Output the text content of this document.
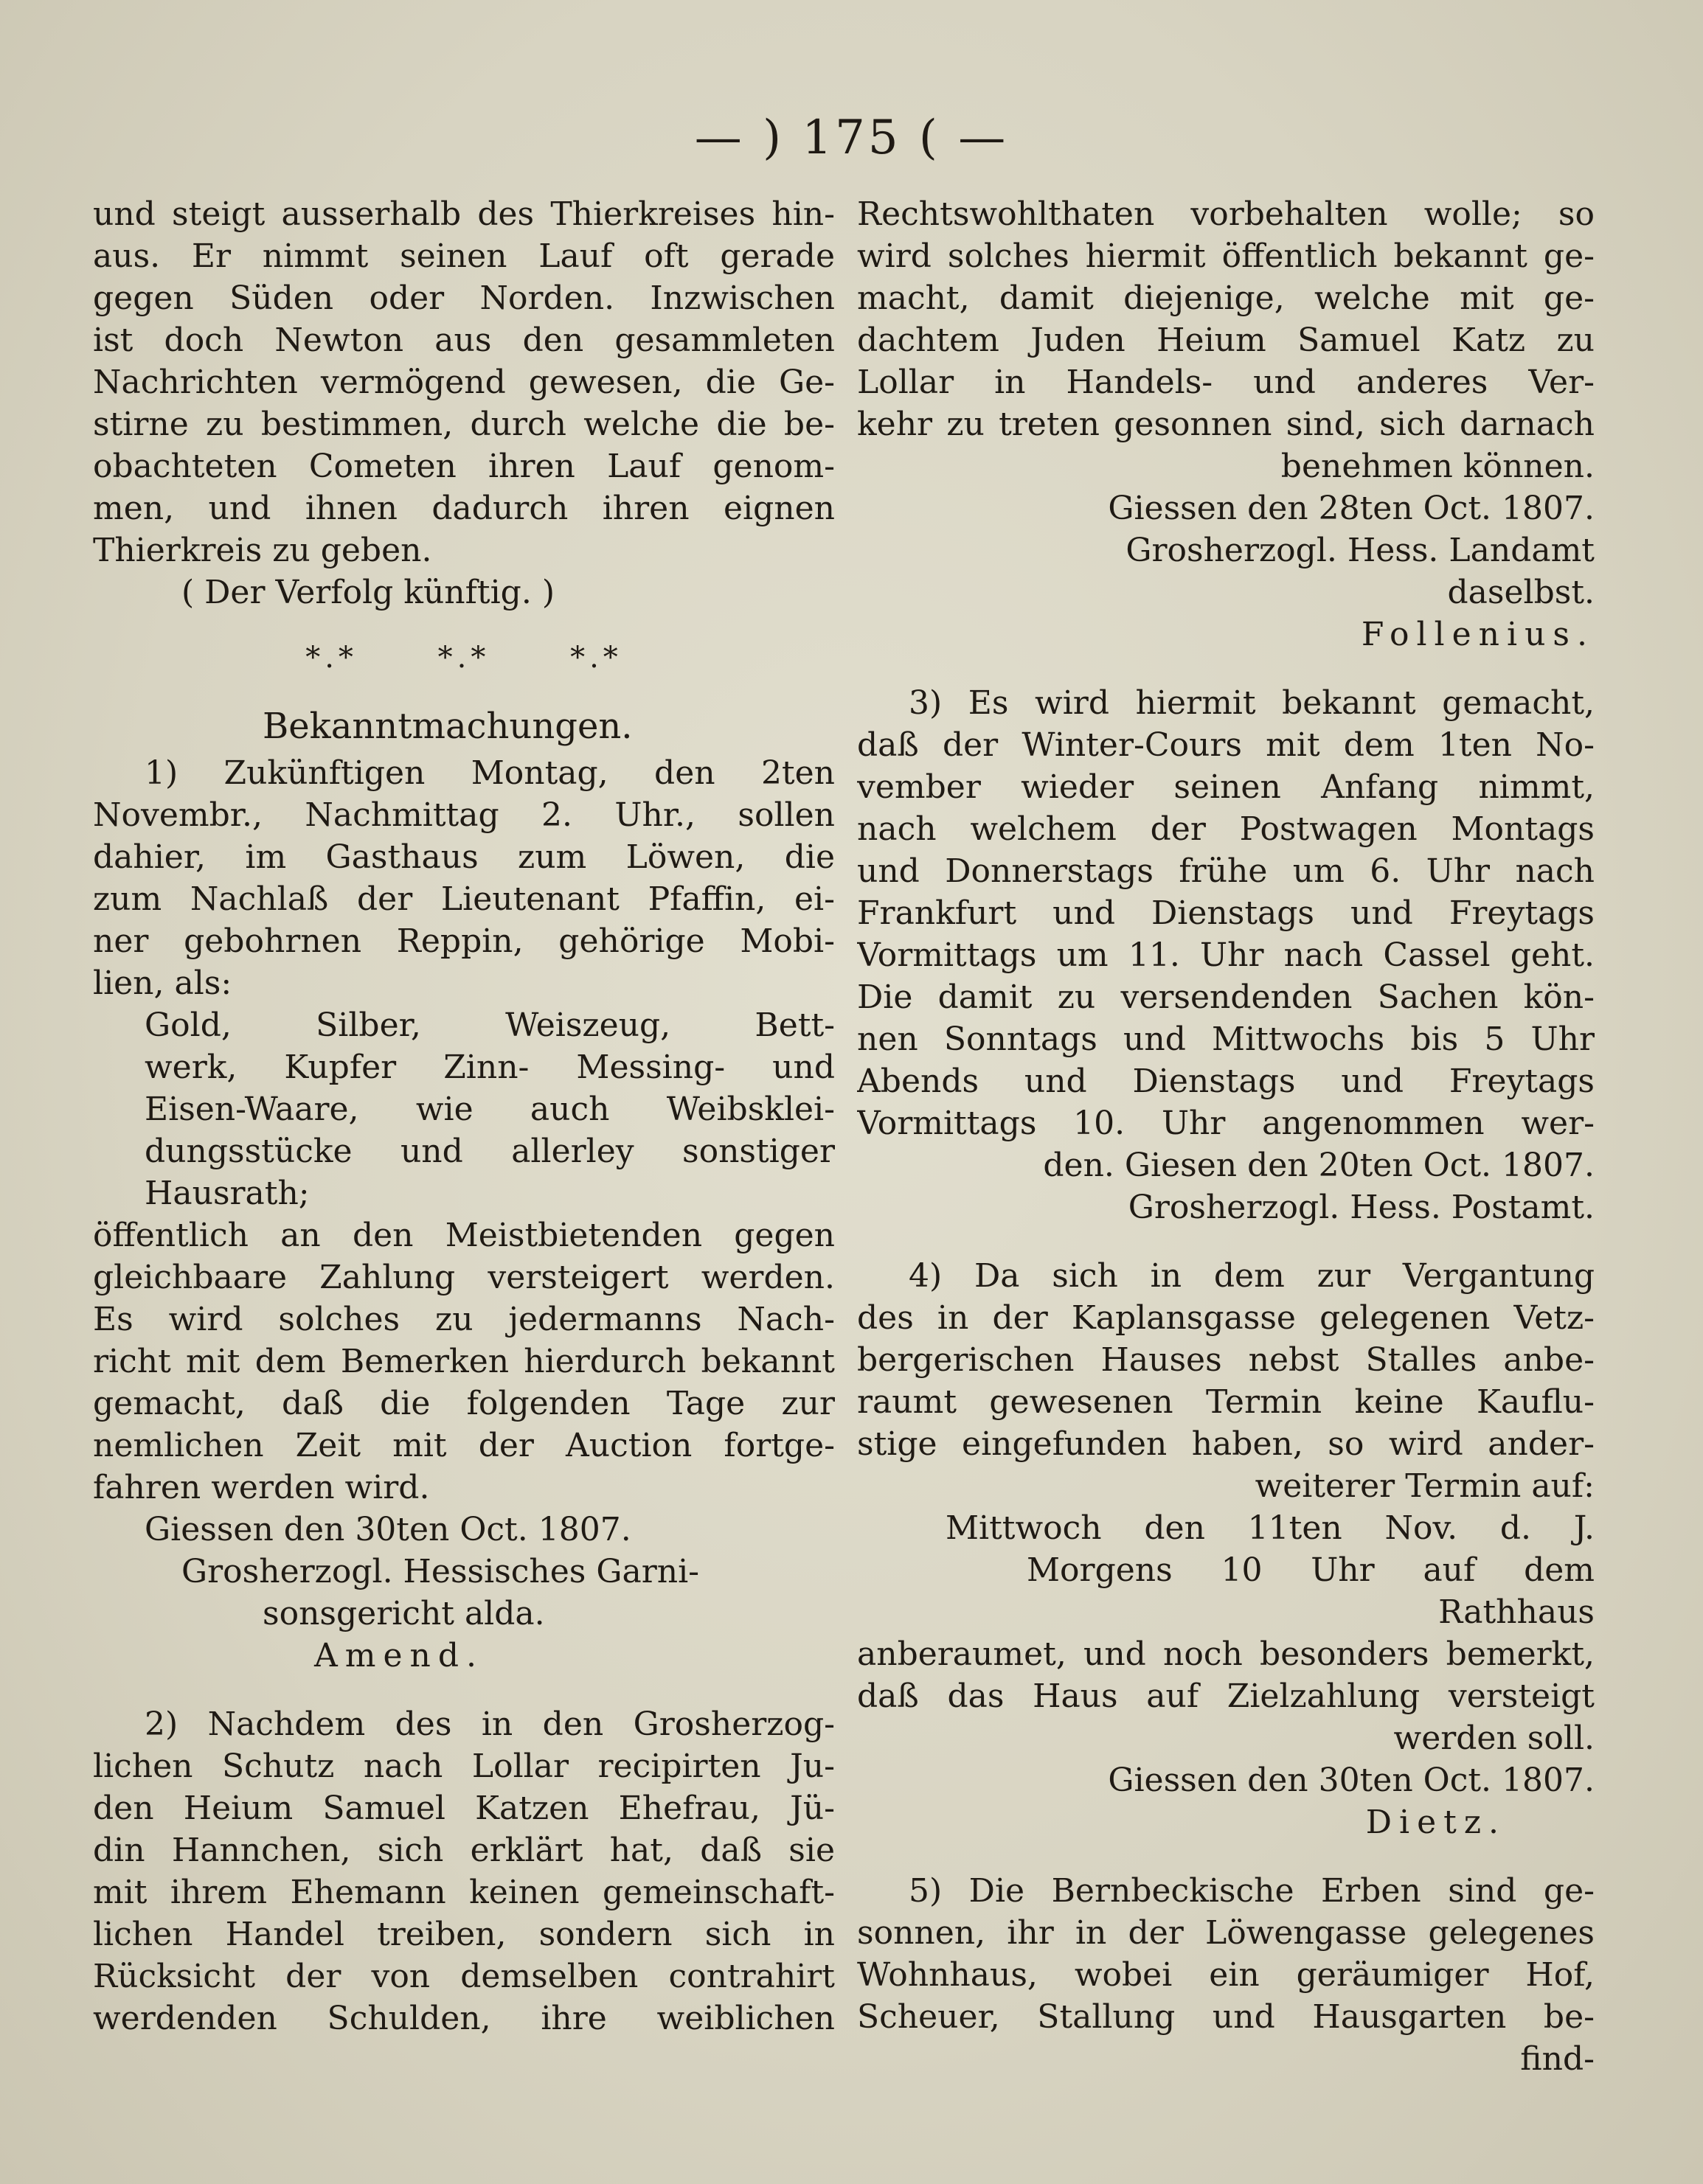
— ) 175 ( —
und steigt ausserhalb des Thierkreises hin-
aus. Er nimmt seinen Lauf oft gerade
gegen Süden oder Norden. Inzwischen
ist doch Newton aus den gesammleten
Nachrichten vermögend gewesen, die Ge-
stirne zu bestimmen, durch welche die be-
obachteten Cometen ihren Lauf genom-
men, und ihnen dadurch ihren eignen
Thierkreis zu geben.
( Der Verfolg künftig. )
*.*	*.*	*.*
Bekanntmachungen.
1) Zukünftigen Montag, den 2ten
Novembr., Nachmittag 2. Uhr., sollen
dahier, im Gasthaus zum Löwen, die
zum Nachlaß der Lieutenant Pfaffin, ei-
ner gebohrnen Reppin, gehörige Mobi-
lien, als:
Gold, Silber, Weiszeug, Bett-
werk, Kupfer Zinn- Messing- und
Eisen-Waare, wie auch Weibsklei-
dungsstücke und allerley sonstiger
Hausrath;
öffentlich an den Meistbietenden gegen
gleichbaare Zahlung versteigert werden.
Es wird solches zu jedermanns Nach-
richt mit dem Bemerken hierdurch bekannt
gemacht, daß die folgenden Tage zur
nemlichen Zeit mit der Auction fortge-
fahren werden wird.
Giessen den 30ten Oct. 1807.
Grosherzogl. Hessisches Garni-
sonsgericht alda.
Amend.
2) Nachdem des in den Grosherzog-
lichen Schutz nach Lollar recipirten Ju-
den Heium Samuel Katzen Ehefrau, Jü-
din Hannchen, sich erklärt hat, daß sie
mit ihrem Ehemann keinen gemeinschaft-
lichen Handel treiben, sondern sich in
Rücksicht der von demselben contrahirt
werdenden Schulden, ihre weiblichen
Rechtswohlthaten vorbehalten wolle; so
wird solches hiermit öffentlich bekannt ge-
macht, damit diejenige, welche mit ge-
dachtem Juden Heium Samuel Katz zu
Lollar in Handels- und anderes Ver-
kehr zu treten gesonnen sind, sich darnach
benehmen können.
Giessen den 28ten Oct. 1807.
Grosherzogl. Hess. Landamt
daselbst.
Follenius.
3) Es wird hiermit bekannt gemacht,
daß der Winter-Cours mit dem 1ten No-
vember wieder seinen Anfang nimmt,
nach welchem der Postwagen Montags
und Donnerstags frühe um 6. Uhr nach
Frankfurt und Dienstags und Freytags
Vormittags um 11. Uhr nach Cassel geht.
Die damit zu versendenden Sachen kön-
nen Sonntags und Mittwochs bis 5 Uhr
Abends und Dienstags und Freytags
Vormittags 10. Uhr angenommen wer-
den. Giesen den 20ten Oct. 1807.
Grosherzogl. Hess. Postamt.
4) Da sich in dem zur Vergantung
des in der Kaplansgasse gelegenen Vetz-
bergerischen Hauses nebst Stalles anbe-
raumt gewesenen Termin keine Kauflu-
stige eingefunden haben, so wird ander-
weiterer Termin auf:
Mittwoch den 11ten Nov. d. J.
Morgens 10 Uhr auf dem
Rathhaus
anberaumet, und noch besonders bemerkt,
daß das Haus auf Zielzahlung versteigt
werden soll.
Giessen den 30ten Oct. 1807.
Dietz.
5) Die Bernbeckische Erben sind ge-
sonnen, ihr in der Löwengasse gelegenes
Wohnhaus, wobei ein geräumiger Hof,
Scheuer, Stallung und Hausgarten be-
find-
